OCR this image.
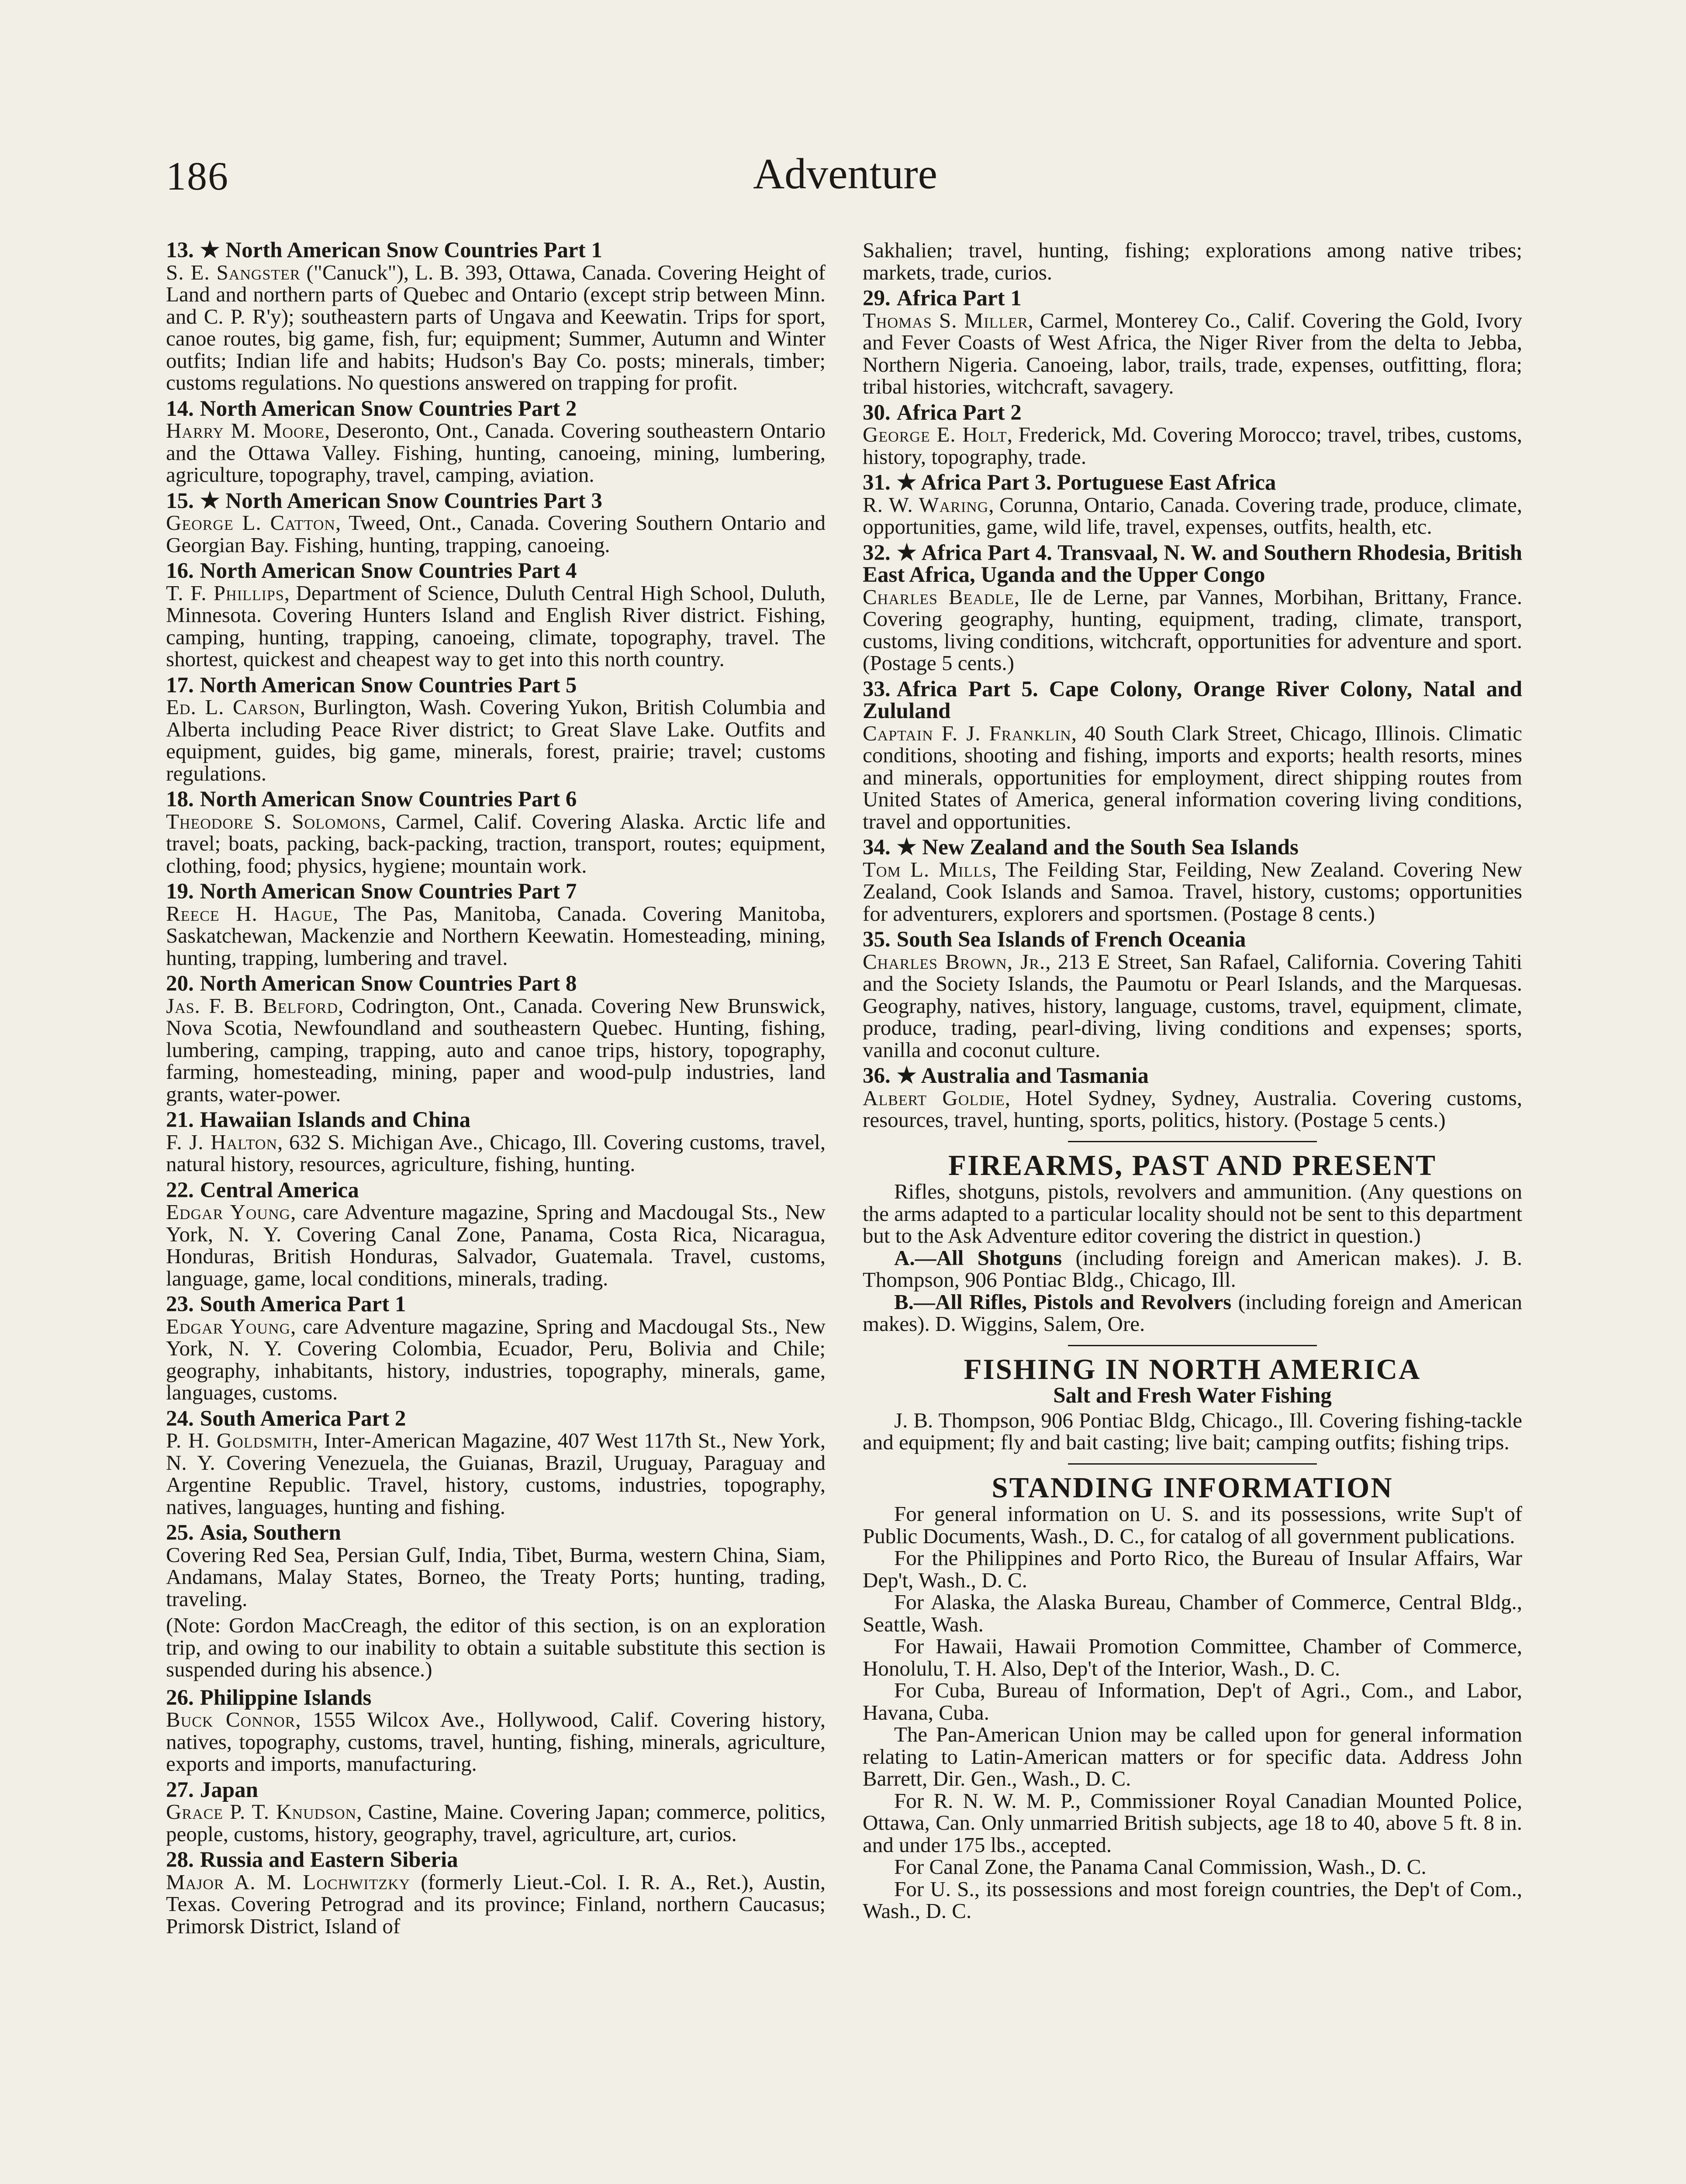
186	Adventure
13. ★ North American Snow Countries Part 1
S. E. Sangster ("Canuck"), L. B. 393, Ottawa, Canada. Covering Height of Land and northern parts of Quebec and Ontario (except strip between Minn. and C. P. R'y); southeastern parts of Ungava and Keewatin. Trips for sport, canoe routes, big game, fish, fur; equipment; Summer, Autumn and Winter outfits; Indian life and habits; Hudson's Bay Co. posts; minerals, timber; customs regulations. No questions answered on trapping for profit.
14. North American Snow Countries Part 2
Harry M. Moore, Deseronto, Ont., Canada. Covering southeastern Ontario and the Ottawa Valley. Fishing, hunting, canoeing, mining, lumbering, agriculture, topography, travel, camping, aviation.
15. ★ North American Snow Countries Part 3
George L. Catton, Tweed, Ont., Canada. Covering Southern Ontario and Georgian Bay. Fishing, hunting, trapping, canoeing.
16. North American Snow Countries Part 4
T. F. Phillips, Department of Science, Duluth Central High School, Duluth, Minnesota. Covering Hunters Island and English River district. Fishing, camping, hunting, trapping, canoeing, climate, topography, travel. The shortest, quickest and cheapest way to get into this north country.
17. North American Snow Countries Part 5
Ed. L. Carson, Burlington, Wash. Covering Yukon, British Columbia and Alberta including Peace River district; to Great Slave Lake. Outfits and equipment, guides, big game, minerals, forest, prairie; travel; customs regulations.
18. North American Snow Countries Part 6
Theodore S. Solomons, Carmel, Calif. Covering Alaska. Arctic life and travel; boats, packing, back-packing, traction, transport, routes; equipment, clothing, food; physics, hygiene; mountain work.
19. North American Snow Countries Part 7
Reece H. Hague, The Pas, Manitoba, Canada. Covering Manitoba, Saskatchewan, Mackenzie and Northern Keewatin. Homesteading, mining, hunting, trapping, lumbering and travel.
20. North American Snow Countries Part 8
Jas. F. B. Belford, Codrington, Ont., Canada. Covering New Brunswick, Nova Scotia, Newfoundland and southeastern Quebec. Hunting, fishing, lumbering, camping, trapping, auto and canoe trips, history, topography, farming, homesteading, mining, paper and wood-pulp industries, land grants, water-power.
21. Hawaiian Islands and China
F. J. Halton, 632 S. Michigan Ave., Chicago, Ill. Covering customs, travel, natural history, resources, agriculture, fishing, hunting.
22. Central America
Edgar Young, care Adventure magazine, Spring and Macdougal Sts., New York, N. Y. Covering Canal Zone, Panama, Costa Rica, Nicaragua, Honduras, British Honduras, Salvador, Guatemala. Travel, customs, language, game, local conditions, minerals, trading.
23. South America Part 1
Edgar Young, care Adventure magazine, Spring and Macdougal Sts., New York, N. Y. Covering Colombia, Ecuador, Peru, Bolivia and Chile; geography, inhabitants, history, industries, topography, minerals, game, languages, customs.
24. South America Part 2
P. H. Goldsmith, Inter-American Magazine, 407 West 117th St., New York, N. Y. Covering Venezuela, the Guianas, Brazil, Uruguay, Paraguay and Argentine Republic. Travel, history, customs, industries, topography, natives, languages, hunting and fishing.
25. Asia, Southern
Covering Red Sea, Persian Gulf, India, Tibet, Burma, western China, Siam, Andamans, Malay States, Borneo, the Treaty Ports; hunting, trading, traveling.
(Note: Gordon MacCreagh, the editor of this section, is on an exploration trip, and owing to our inability to obtain a suitable substitute this section is suspended during his absence.)
26. Philippine Islands
Buck Connor, 1555 Wilcox Ave., Hollywood, Calif. Covering history, natives, topography, customs, travel, hunting, fishing, minerals, agriculture, exports and imports, manufacturing.
27. Japan
Grace P. T. Knudson, Castine, Maine. Covering Japan; commerce, politics, people, customs, history, geography, travel, agriculture, art, curios.
28. Russia and Eastern Siberia
Major A. M. Lochwitzky (formerly Lieut.-Col. I. R. A., Ret.), Austin, Texas. Covering Petrograd and its province; Finland, northern Caucasus; Primorsk District, Island of
Sakhalien; travel, hunting, fishing; explorations among native tribes; markets, trade, curios.
29. Africa Part 1
Thomas S. Miller, Carmel, Monterey Co., Calif. Covering the Gold, Ivory and Fever Coasts of West Africa, the Niger River from the delta to Jebba, Northern Nigeria. Canoeing, labor, trails, trade, expenses, outfitting, flora; tribal histories, witchcraft, savagery.
30. Africa Part 2
George E. Holt, Frederick, Md. Covering Morocco; travel, tribes, customs, history, topography, trade.
31. ★ Africa Part 3. Portuguese East Africa
R. W. Waring, Corunna, Ontario, Canada. Covering trade, produce, climate, opportunities, game, wild life, travel, expenses, outfits, health, etc.
32. ★ Africa Part 4. Transvaal, N. W. and Southern Rhodesia, British East Africa, Uganda and the Upper Congo
Charles Beadle, Ile de Lerne, par Vannes, Morbihan, Brittany, France. Covering geography, hunting, equipment, trading, climate, transport, customs, living conditions, witchcraft, opportunities for adventure and sport. (Postage 5 cents.)
33. Africa Part 5. Cape Colony, Orange River Colony, Natal and Zululand
Captain F. J. Franklin, 40 South Clark Street, Chicago, Illinois. Climatic conditions, shooting and fishing, imports and exports; health resorts, mines and minerals, opportunities for employment, direct shipping routes from United States of America, general information covering living conditions, travel and opportunities.
34. ★ New Zealand and the South Sea Islands
Tom L. Mills, The Feilding Star, Feilding, New Zealand. Covering New Zealand, Cook Islands and Samoa. Travel, history, customs; opportunities for adventurers, explorers and sportsmen. (Postage 8 cents.)
35. South Sea Islands of French Oceania
Charles Brown, Jr., 213 E Street, San Rafael, California. Covering Tahiti and the Society Islands, the Paumotu or Pearl Islands, and the Marquesas. Geography, natives, history, language, customs, travel, equipment, climate, produce, trading, pearl-diving, living conditions and expenses; sports, vanilla and coconut culture.
36. ★ Australia and Tasmania
Albert Goldie, Hotel Sydney, Sydney, Australia. Covering customs, resources, travel, hunting, sports, politics, history. (Postage 5 cents.)
FIREARMS, PAST AND PRESENT

Rifles, shotguns, pistols, revolvers and ammunition. (Any questions on the arms adapted to a particular locality should not be sent to this department but to the Ask Adventure editor covering the district in question.)

A.—All Shotguns (including foreign and American makes). J. B. Thompson, 906 Pontiac Bldg., Chicago, Ill.

B.—All Rifles, Pistols and Revolvers (including foreign and American makes). D. Wiggins, Salem, Ore.

FISHING IN NORTH AMERICA
Salt and Fresh Water Fishing

J. B. Thompson, 906 Pontiac Bldg, Chicago., Ill. Covering fishing-tackle and equipment; fly and bait casting; live bait; camping outfits; fishing trips.

STANDING INFORMATION

For general information on U. S. and its possessions, write Sup't of Public Documents, Wash., D. C., for catalog of all government publications.

For the Philippines and Porto Rico, the Bureau of Insular Affairs, War Dep't, Wash., D. C.

For Alaska, the Alaska Bureau, Chamber of Commerce, Central Bldg., Seattle, Wash.

For Hawaii, Hawaii Promotion Committee, Chamber of Commerce, Honolulu, T. H. Also, Dep't of the Interior, Wash., D. C.

For Cuba, Bureau of Information, Dep't of Agri., Com., and Labor, Havana, Cuba.

The Pan-American Union may be called upon for general information relating to Latin-American matters or for specific data. Address John Barrett, Dir. Gen., Wash., D. C.

For R. N. W. M. P., Commissioner Royal Canadian Mounted Police, Ottawa, Can. Only unmarried British subjects, age 18 to 40, above 5 ft. 8 in. and under 175 lbs., accepted.

For Canal Zone, the Panama Canal Commission, Wash., D. C.

For U. S., its possessions and most foreign countries, the Dep't of Com., Wash., D. C.
